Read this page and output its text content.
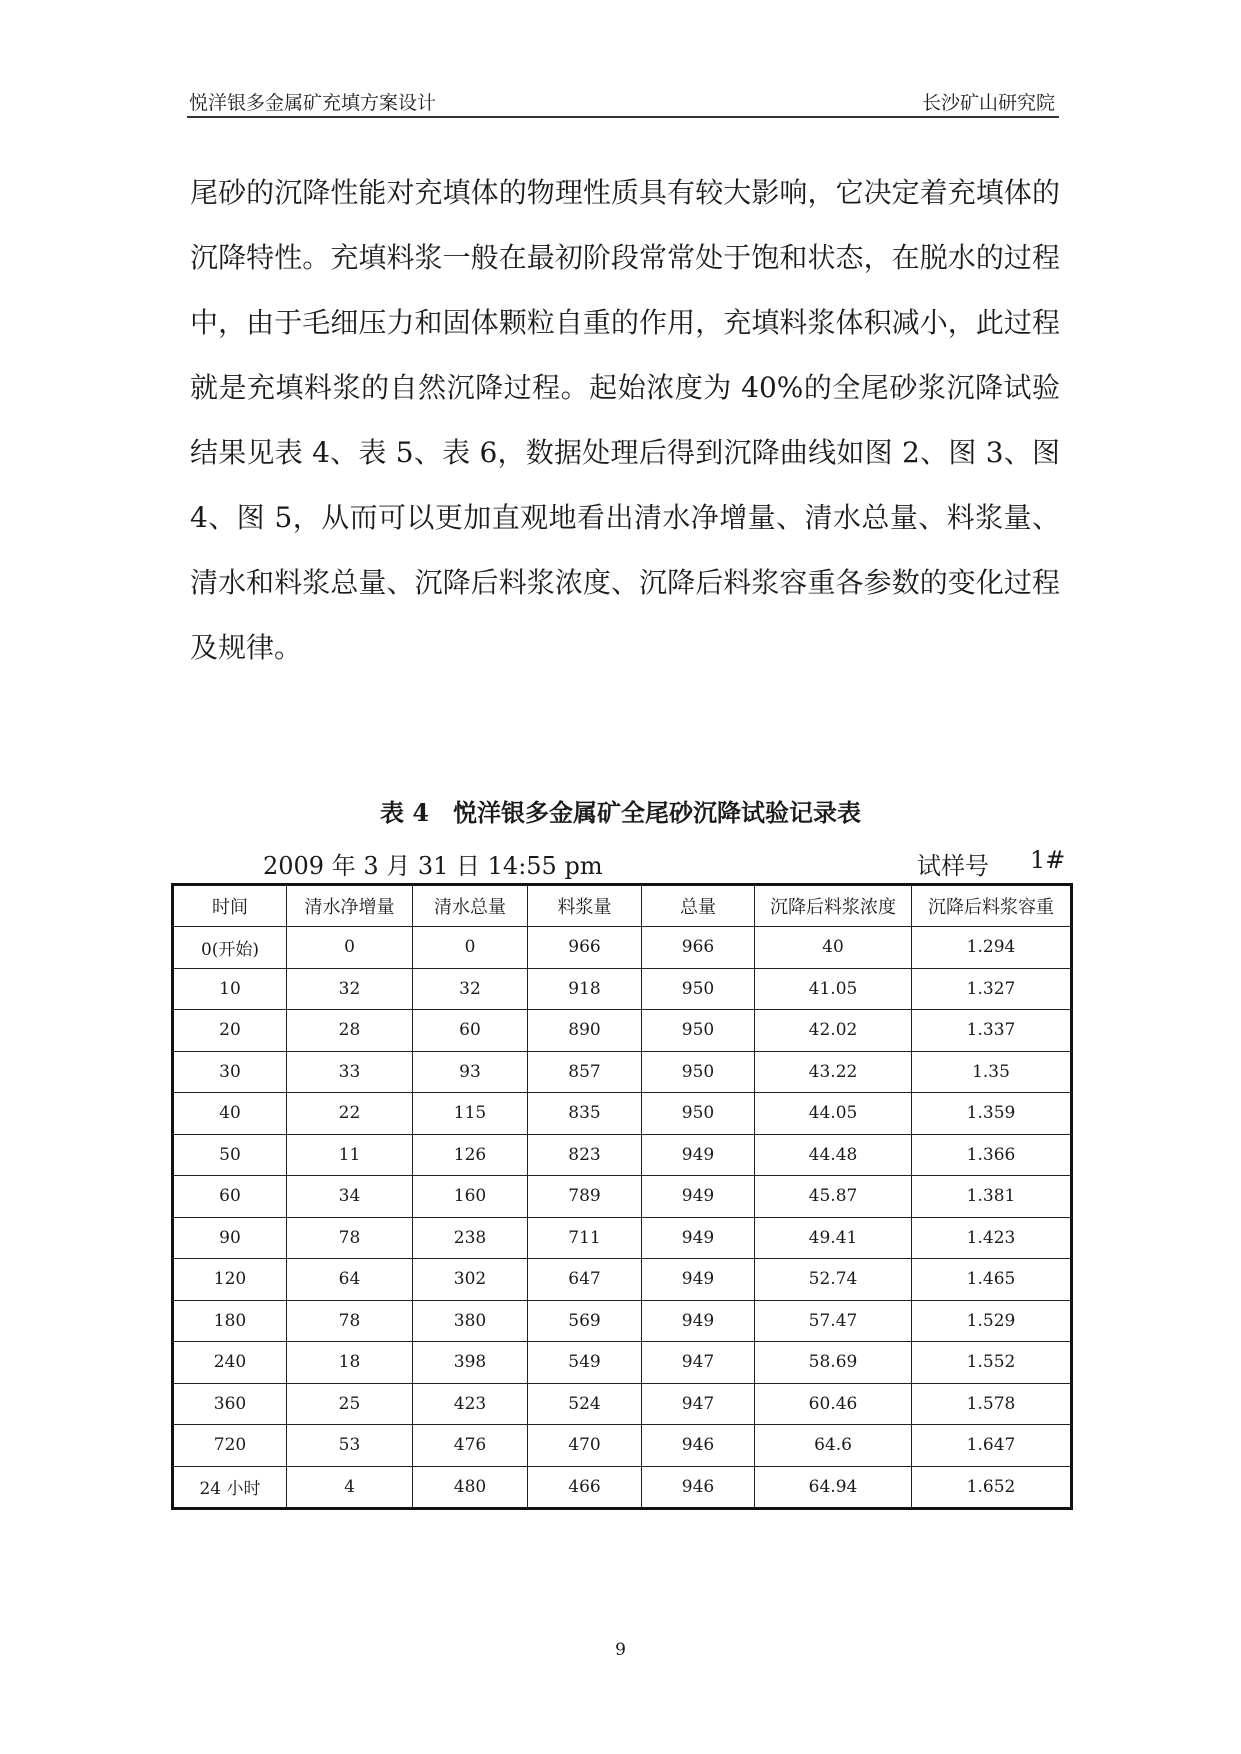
悦洋银多金属矿充填方案设计	长沙矿山研究院
尾砂的沉降性能对充填体的物理性质具有较大影响，它决定着充填体的沉降特性。充填料浆一般在最初阶段常常处于饱和状态，在脱水的过程中，由于毛细压力和固体颗粒自重的作用，充填料浆体积减小，此过程就是充填料浆的自然沉降过程。起始浓度为 40%的全尾砂浆沉降试验结果见表 4、表 5、表 6，数据处理后得到沉降曲线如图 2、图 3、图 4、图 5，从而可以更加直观地看出清水净增量、清水总量、料浆量、清水和料浆总量、沉降后料浆浓度、沉降后料浆容重各参数的变化过程及规律。
表 4　悦洋银多金属矿全尾砂沉降试验记录表
2009 年 3 月 31 日 14:55 pm	试样号 1#
时间	清水净增量	清水总量	料浆量	总量	沉降后料浆浓度	沉降后料浆容重
0(开始)	0	0	966	966	40	1.294
10	32	32	918	950	41.05	1.327
20	28	60	890	950	42.02	1.337
30	33	93	857	950	43.22	1.35
40	22	115	835	950	44.05	1.359
50	11	126	823	949	44.48	1.366
60	34	160	789	949	45.87	1.381
90	78	238	711	949	49.41	1.423
120	64	302	647	949	52.74	1.465
180	78	380	569	949	57.47	1.529
240	18	398	549	947	58.69	1.552
360	25	423	524	947	60.46	1.578
720	53	476	470	946	64.6	1.647
24 小时	4	480	466	946	64.94	1.652
9
